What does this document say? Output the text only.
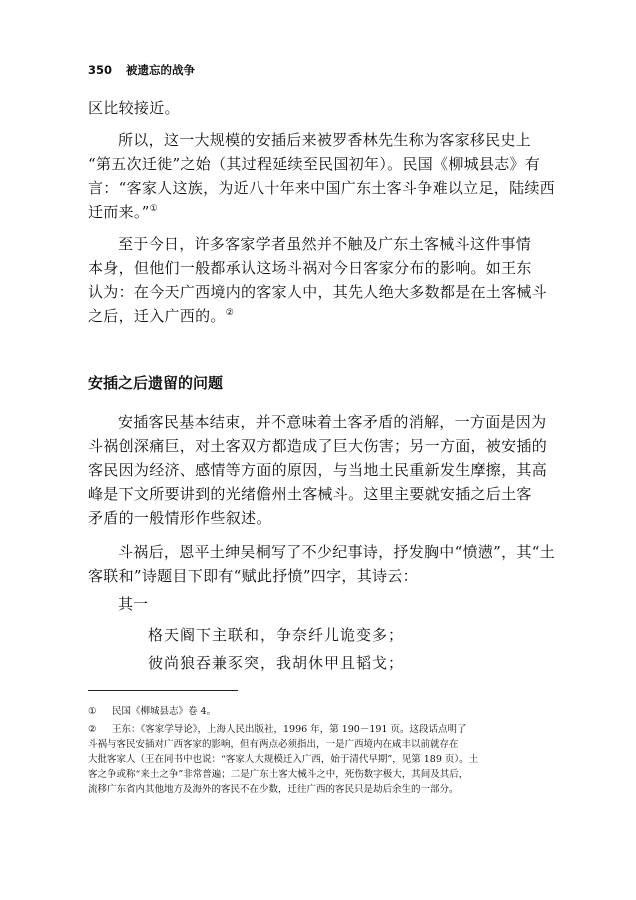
350 被遗忘的战争
区比较接近。
所以，这一大规模的安插后来被罗香林先生称为客家移民史上
“第五次迁徙”之始（其过程延续至民国初年）。民国《柳城县志》有
言：“客家人这族，为近八十年来中国广东土客斗争难以立足，陆续西
迁而来。”①
至于今日，许多客家学者虽然并不触及广东土客械斗这件事情
本身，但他们一般都承认这场斗祸对今日客家分布的影响。如王东
认为：在今天广西境内的客家人中，其先人绝大多数都是在土客械斗
之后，迁入广西的。②
安插之后遗留的问题
安插客民基本结束，并不意味着土客矛盾的消解，一方面是因为
斗祸创深痛巨，对土客双方都造成了巨大伤害；另一方面，被安插的
客民因为经济、感情等方面的原因，与当地土民重新发生摩擦，其高
峰是下文所要讲到的光绪儋州土客械斗。这里主要就安插之后土客
矛盾的一般情形作些叙述。
斗祸后，恩平土绅吴桐写了不少纪事诗，抒发胸中“愤懑”，其“土
客联和”诗题目下即有“赋此抒愤”四字，其诗云：
其一
格天阍下主联和，争奈纤儿诡变多；
彼尚狼吞兼豕突，我胡休甲且韬戈；
① 民国《柳城县志》卷 4。
② 王东：《客家学导论》，上海人民出版社，1996 年，第 190－191 页。这段话点明了
斗祸与客民安插对广西客家的影响，但有两点必须指出，一是广西境内在咸丰以前就存在
大批客家人（王在同书中也说：“客家人大规模迁入广西，始于清代早期”，见第 189 页）。土
客之争或称“来土之争”非常普遍；二是广东土客大械斗之中，死伤数字极大，其间及其后，
流移广东省内其他地方及海外的客民不在少数，迁往广西的客民只是劫后余生的一部分。
